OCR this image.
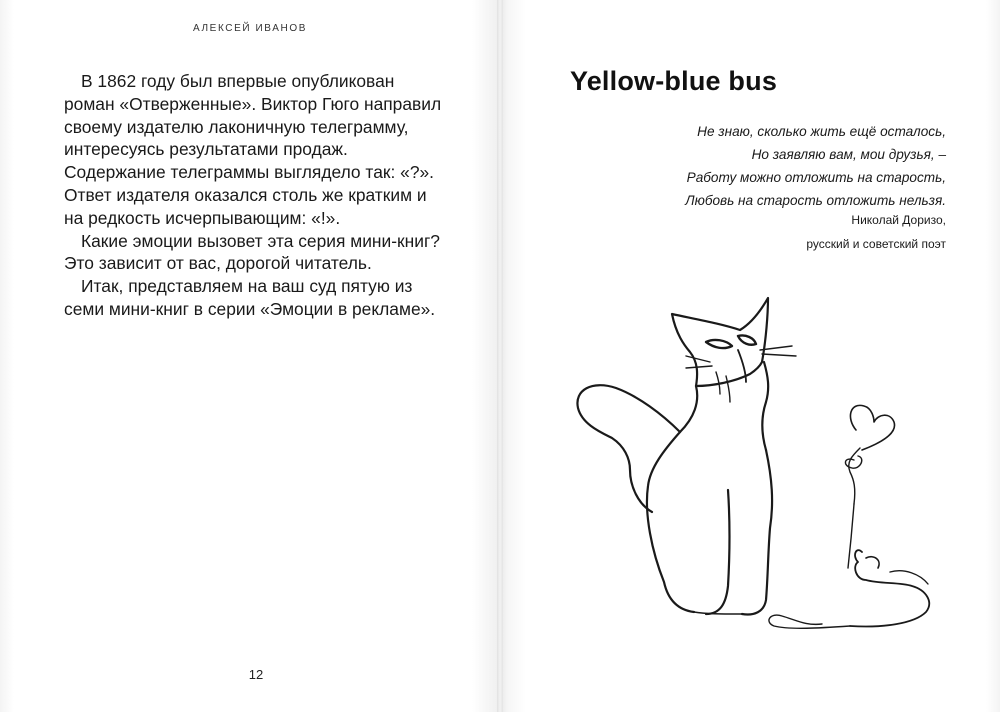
АЛЕКСЕЙ ИВАНОВ

В 1862 году был впервые опубликован роман «Отверженные». Виктор Гюго направил своему издателю лаконичную телеграмму, интересуясь результатами продаж. Содержание телеграммы выглядело так: «?». Ответ издателя оказался столь же кратким и на редкость исчерпывающим: «!».

Какие эмоции вызовет эта серия мини-книг? Это зависит от вас, дорогой читатель.

Итак, представляем на ваш суд пятую из семи мини-книг в серии «Эмоции в рекламе».

12
Yellow-blue bus
Не знаю, сколько жить ещё осталось,
Но заявляю вам, мои друзья, –
Работу можно отложить на старость,
Любовь на старость отложить нельзя.
Николай Доризо,
русский и советский поэт
